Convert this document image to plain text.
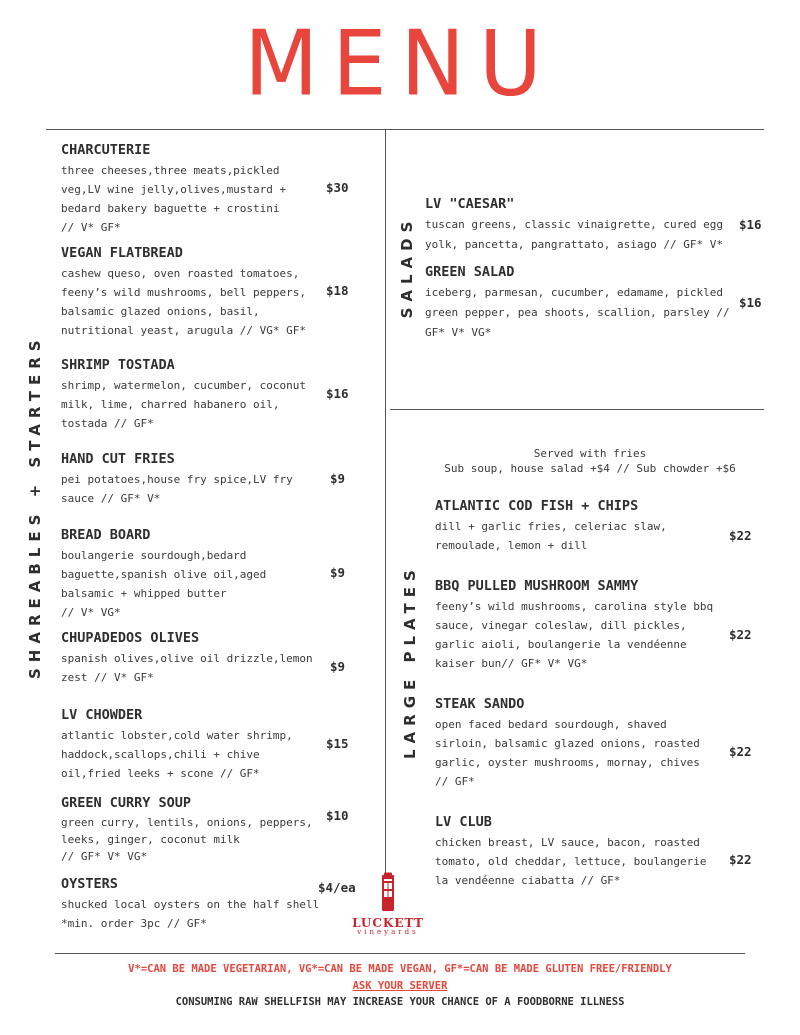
MENU
SHAREABLES + STARTERS
SALADS
LARGE PLATES
CHARCUTERIE
three cheeses,three meats,pickled
veg,LV wine jelly,olives,mustard +
bedard bakery baguette + crostini
// V* GF*
$30
VEGAN FLATBREAD
cashew queso, oven roasted tomatoes,
feeny’s wild mushrooms, bell peppers,
balsamic glazed onions, basil,
nutritional yeast, arugula // VG* GF*
$18
SHRIMP TOSTADA
shrimp, watermelon, cucumber, coconut
milk, lime, charred habanero oil,
tostada // GF*
$16
HAND CUT FRIES
pei potatoes,house fry spice,LV fry
sauce // GF* V*
$9
BREAD BOARD
boulangerie sourdough,bedard
baguette,spanish olive oil,aged
balsamic + whipped butter
// V* VG*
$9
CHUPADEDOS OLIVES
spanish olives,olive oil drizzle,lemon
zest // V* GF*
$9
LV CHOWDER
atlantic lobster,cold water shrimp,
haddock,scallops,chili + chive
oil,fried leeks + scone // GF*
$15
GREEN CURRY SOUP
green curry, lentils, onions, peppers,
leeks, ginger, coconut milk
// GF* V* VG*
$10
OYSTERS
shucked local oysters on the half shell
*min. order 3pc // GF*
$4/ea
LV "CAESAR"
tuscan greens, classic vinaigrette, cured egg
yolk, pancetta, pangrattato, asiago // GF* V*
$16
GREEN SALAD
iceberg, parmesan, cucumber, edamame, pickled
green pepper, pea shoots, scallion, parsley //
GF* V* VG*
$16
Served with fries
Sub soup, house salad +$4 // Sub chowder +$6
ATLANTIC COD FISH + CHIPS
dill + garlic fries, celeriac slaw,
remoulade, lemon + dill
$22
BBQ PULLED MUSHROOM SAMMY
feeny’s wild mushrooms, carolina style bbq
sauce, vinegar coleslaw, dill pickles,
garlic aioli, boulangerie la vendéenne
kaiser bun// GF* V* VG*
$22
STEAK SANDO
open faced bedard sourdough, shaved
sirloin, balsamic glazed onions, roasted
garlic, oyster mushrooms, mornay, chives
// GF*
$22
LV CLUB
chicken breast, LV sauce, bacon, roasted
tomato, old cheddar, lettuce, boulangerie
la vendéenne ciabatta // GF*
$22
LUCKETT
vineyards
V*=CAN BE MADE VEGETARIAN, VG*=CAN BE MADE VEGAN, GF*=CAN BE MADE GLUTEN FREE/FRIENDLY
ASK YOUR SERVER
CONSUMING RAW SHELLFISH MAY INCREASE YOUR CHANCE OF A FOODBORNE ILLNESS
